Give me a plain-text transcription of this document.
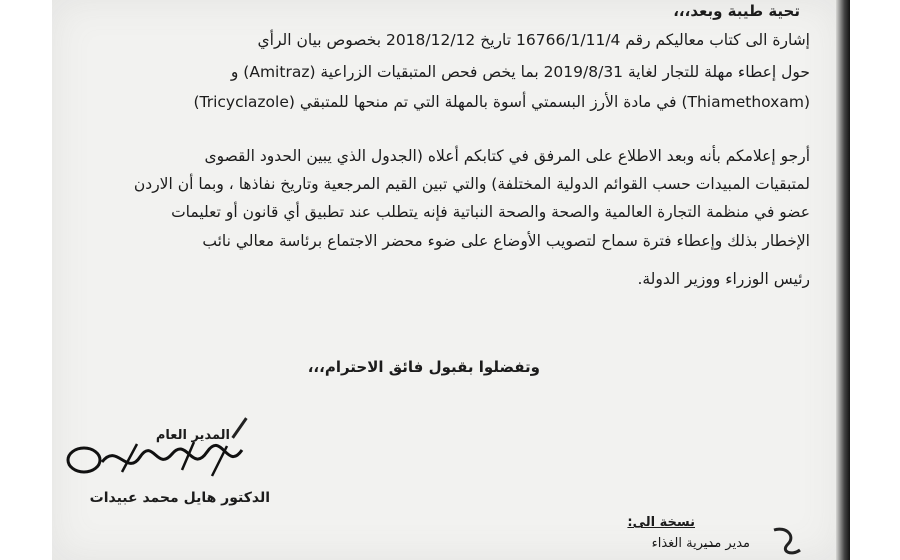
تحية طيبة وبعد،،،
إشارة الى كتاب معاليكم رقم 16766/1/11/4 تاريخ 2018/12/12 بخصوص بيان الرأي
حول إعطاء مهلة للتجار لغاية 2019/8/31 بما يخص فحص المتبقيات الزراعية (Amitraz) و
(Thiamethoxam) في مادة الأرز البسمتي أسوة بالمهلة التي تم منحها للمتبقي (Tricyclazole)
أرجو إعلامكم بأنه وبعد الاطلاع على المرفق في كتابكم أعلاه (الجدول الذي يبين الحدود القصوى
لمتبقيات المبيدات حسب القوائم الدولية المختلفة) والتي تبين القيم المرجعية وتاريخ نفاذها ، وبما أن الاردن
عضو في منظمة التجارة العالمية والصحة والصحة النباتية فإنه يتطلب عند تطبيق أي قانون أو تعليمات
الإخطار بذلك وإعطاء فترة سماح لتصويب الأوضاع على ضوء محضر الاجتماع برئاسة معالي نائب
رئيس الوزراء ووزير الدولة.
وتفضلوا بقبول فائق الاحترام،،،
المدير العام
الدكتور هايل محمد عبيدات
نسخة الى:
مدير مديرية الغذاء
